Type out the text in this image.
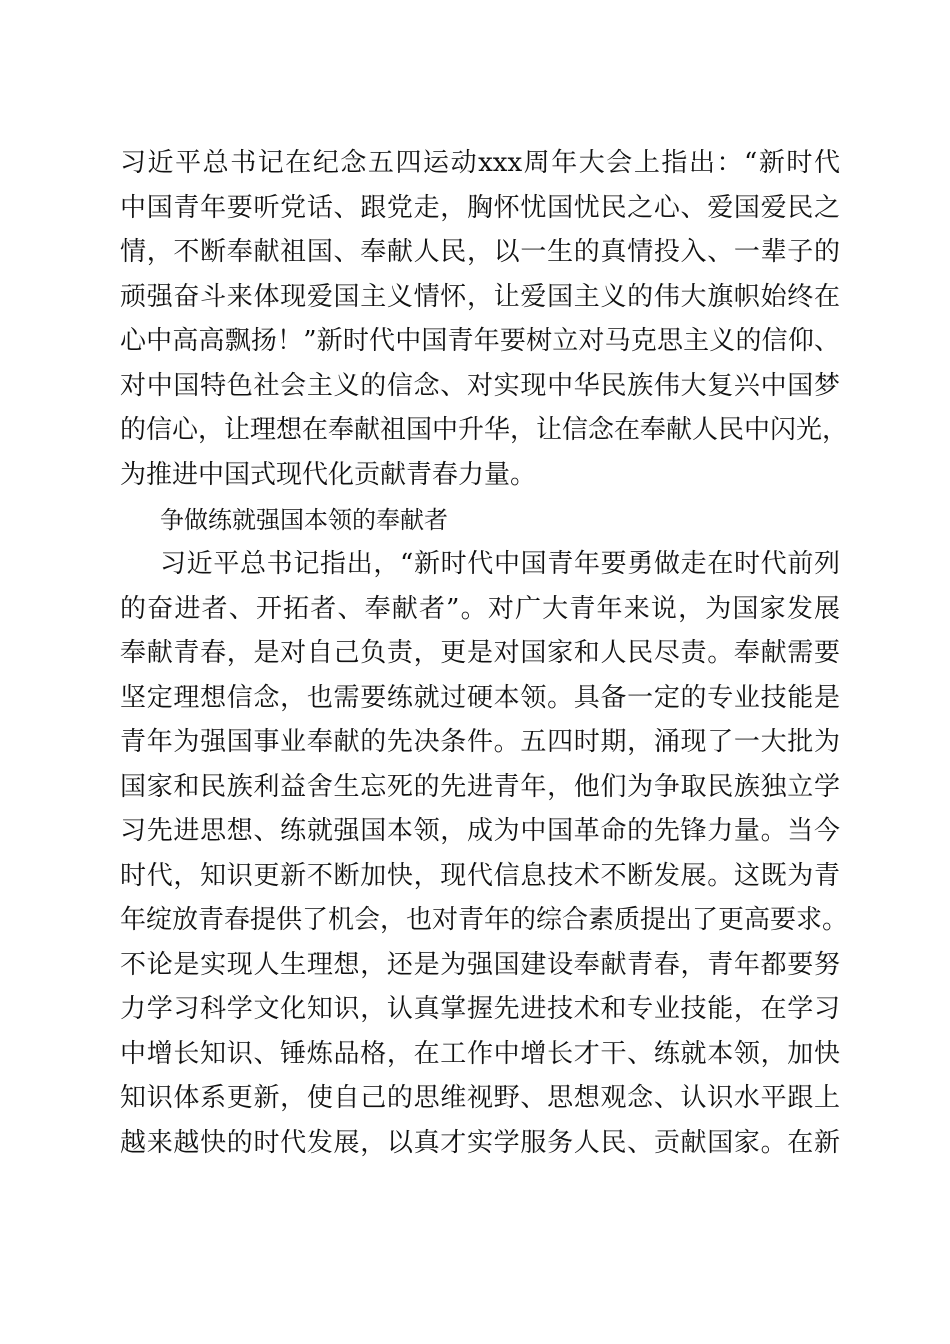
习近平总书记在纪念五四运动xxx周年大会上指出：“新时代
中国青年要听党话、跟党走，胸怀忧国忧民之心、爱国爱民之
情，不断奉献祖国、奉献人民，以一生的真情投入、一辈子的
顽强奋斗来体现爱国主义情怀，让爱国主义的伟大旗帜始终在
心中高高飘扬！”新时代中国青年要树立对马克思主义的信仰、
对中国特色社会主义的信念、对实现中华民族伟大复兴中国梦
的信心，让理想在奉献祖国中升华，让信念在奉献人民中闪光，
为推进中国式现代化贡献青春力量。
争做练就强国本领的奉献者
习近平总书记指出，“新时代中国青年要勇做走在时代前列
的奋进者、开拓者、奉献者”。对广大青年来说，为国家发展
奉献青春，是对自己负责，更是对国家和人民尽责。奉献需要
坚定理想信念，也需要练就过硬本领。具备一定的专业技能是
青年为强国事业奉献的先决条件。五四时期，涌现了一大批为
国家和民族利益舍生忘死的先进青年，他们为争取民族独立学
习先进思想、练就强国本领，成为中国革命的先锋力量。当今
时代，知识更新不断加快，现代信息技术不断发展。这既为青
年绽放青春提供了机会，也对青年的综合素质提出了更高要求。
不论是实现人生理想，还是为强国建设奉献青春，青年都要努
力学习科学文化知识，认真掌握先进技术和专业技能，在学习
中增长知识、锤炼品格，在工作中增长才干、练就本领，加快
知识体系更新，使自己的思维视野、思想观念、认识水平跟上
越来越快的时代发展，以真才实学服务人民、贡献国家。在新
